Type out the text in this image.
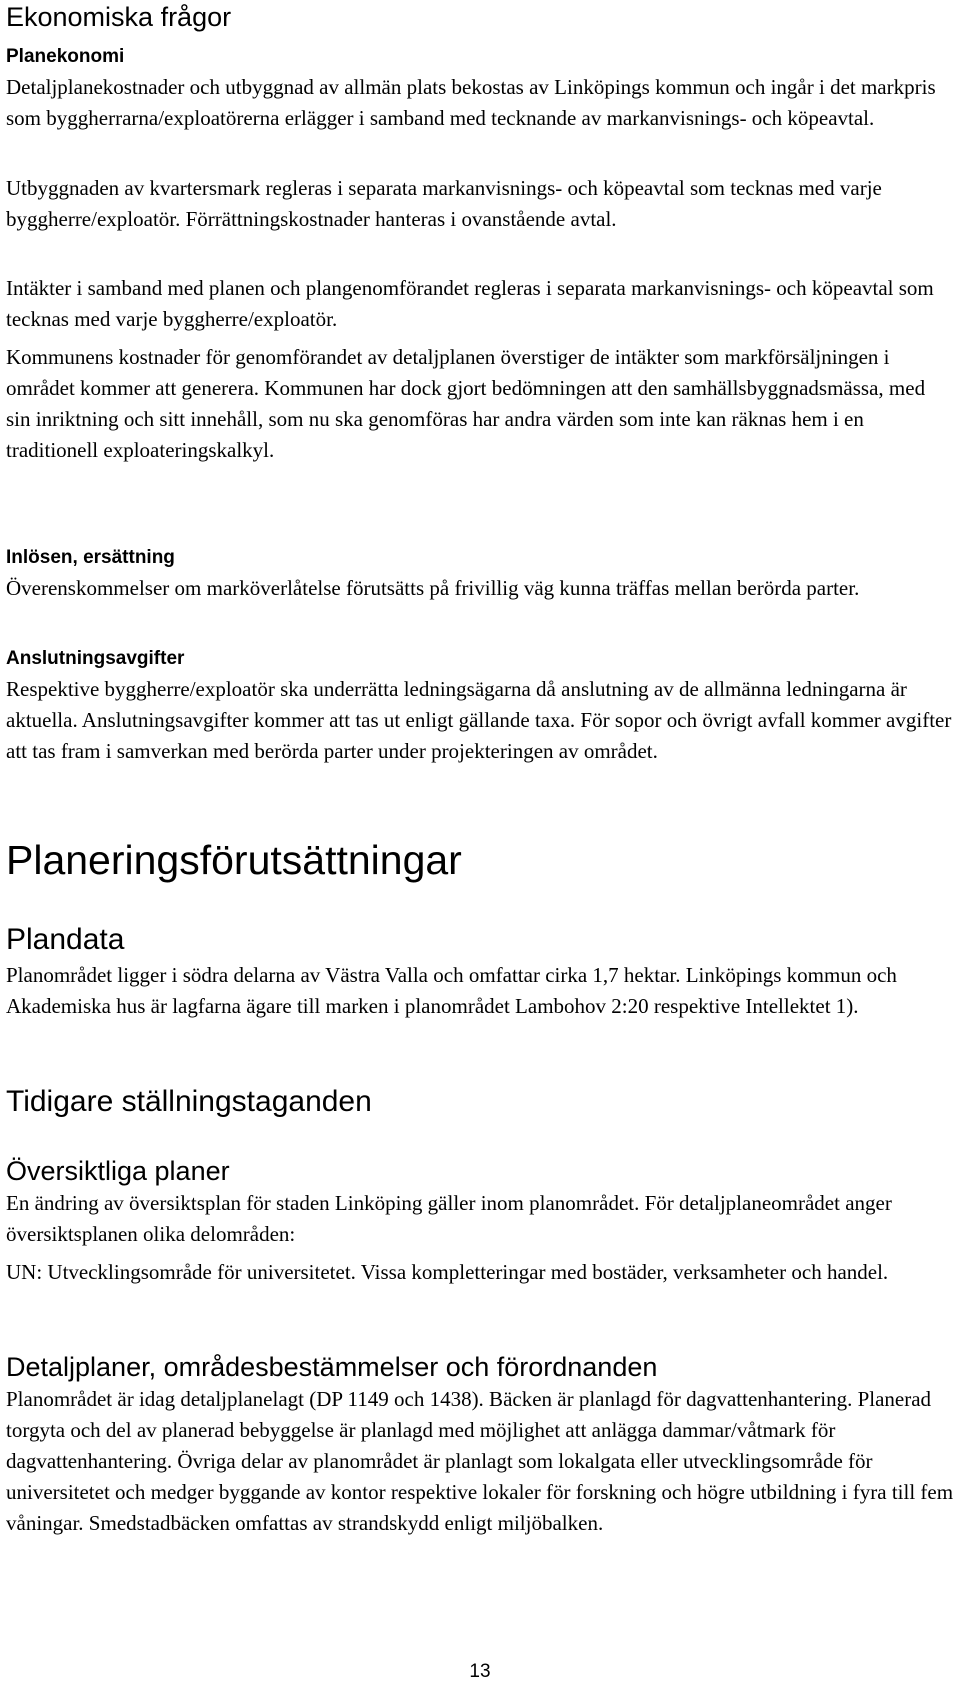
Ekonomiska frågor
Planekonomi

Detaljplanekostnader och utbyggnad av allmän plats bekostas av Linköpings kommun och ingår i det markpris som byggherrarna/exploatörerna erlägger i samband med tecknande av markanvisnings- och köpeavtal.

Utbyggnaden av kvartersmark regleras i separata markanvisnings- och köpeavtal som tecknas med varje byggherre/exploatör. Förrättningskostnader hanteras i ovanstående avtal.

Intäkter i samband med planen och plangenomförandet regleras i separata markanvisnings- och köpeavtal som tecknas med varje byggherre/exploatör.

Kommunens kostnader för genomförandet av detaljplanen överstiger de intäkter som markförsäljningen i området kommer att generera. Kommunen har dock gjort bedömningen att den samhällsbyggnadsmässa, med sin inriktning och sitt innehåll, som nu ska genomföras har andra värden som inte kan räknas hem i en traditionell exploateringskalkyl.

Inlösen, ersättning

Överenskommelser om marköverlåtelse förutsätts på frivillig väg kunna träffas mellan berörda parter.

Anslutningsavgifter

Respektive byggherre/exploatör ska underrätta ledningsägarna då anslutning av de allmänna ledningarna är aktuella. Anslutningsavgifter kommer att tas ut enligt gällande taxa. För sopor och övrigt avfall kommer avgifter att tas fram i samverkan med berörda parter under projekteringen av området.

Planeringsförutsättningar
Plandata

Planområdet ligger i södra delarna av Västra Valla och omfattar cirka 1,7 hektar. Linköpings kommun och Akademiska hus är lagfarna ägare till marken i planområdet Lambohov 2:20 respektive Intellektet 1).

Tidigare ställningstaganden
Översiktliga planer

En ändring av översiktsplan för staden Linköping gäller inom planområdet. För detaljplaneområdet anger översiktsplanen olika delområden:

UN: Utvecklingsområde för universitetet. Vissa kompletteringar med bostäder, verksamheter och handel.

Detaljplaner, områdesbestämmelser och förordnanden

Planområdet är idag detaljplanelagt (DP 1149 och 1438). Bäcken är planlagd för dagvattenhantering. Planerad torgyta och del av planerad bebyggelse är planlagd med möjlighet att anlägga dammar/våtmark för dagvattenhantering. Övriga delar av planområdet är planlagt som lokalgata eller utvecklingsområde för universitetet och medger byggande av kontor respektive lokaler för forskning och högre utbildning i fyra till fem våningar. Smedstadbäcken omfattas av strandskydd enligt miljöbalken.

13
